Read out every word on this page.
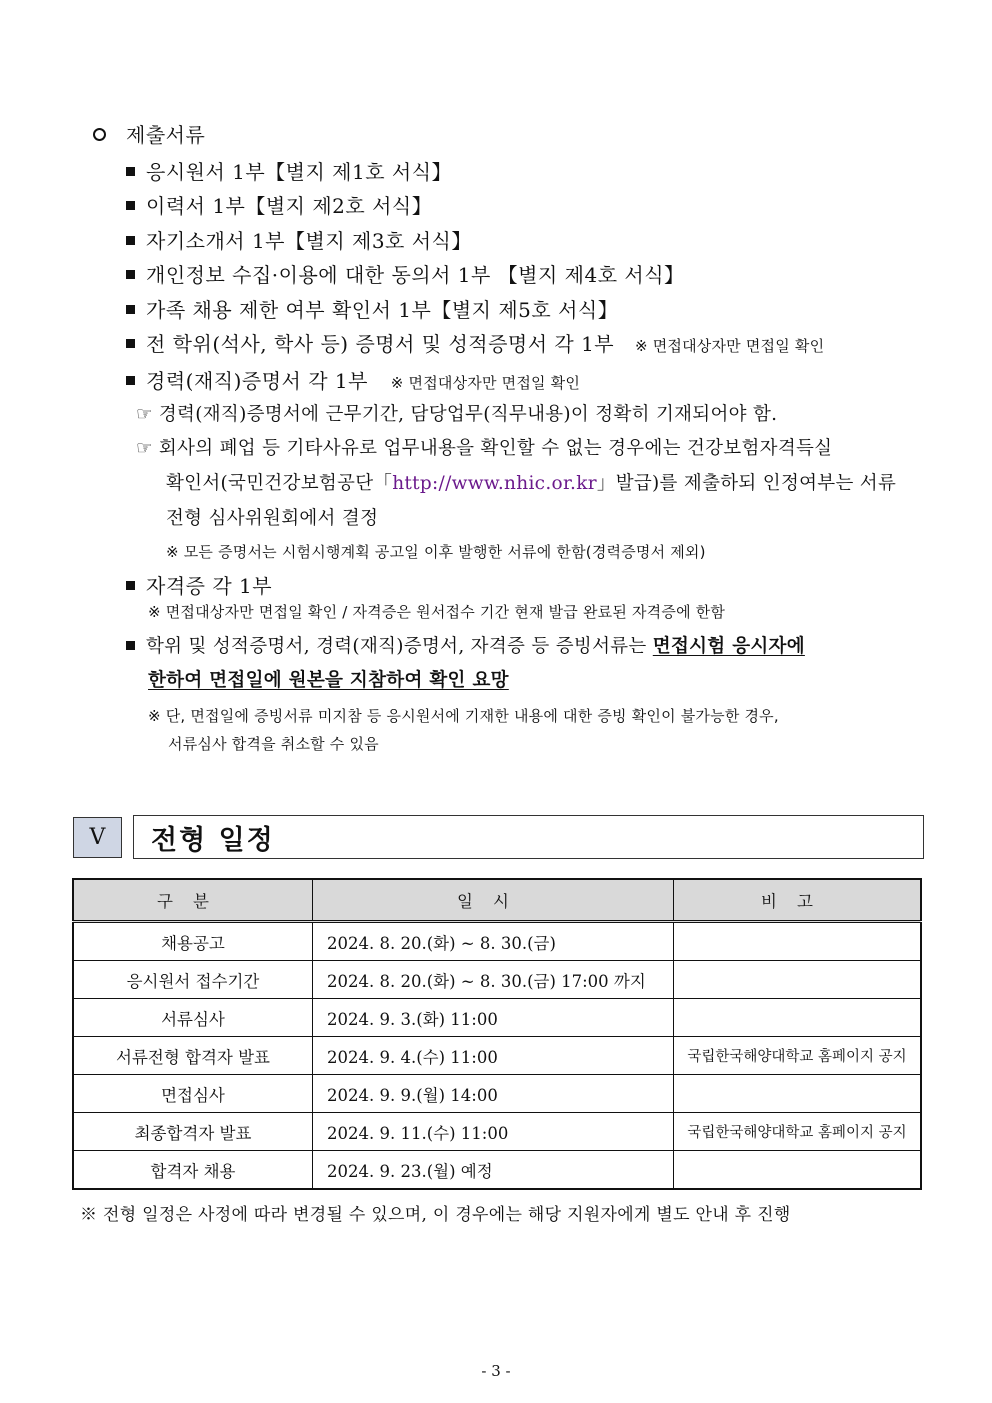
제출서류
응시원서 1부【별지 제1호 서식】
이력서 1부【별지 제2호 서식】
자기소개서 1부【별지 제3호 서식】
개인정보 수집·이용에 대한 동의서 1부 【별지 제4호 서식】
가족 채용 제한 여부 확인서 1부【별지 제5호 서식】
전 학위(석사, 학사 등) 증명서 및 성적증명서 각 1부 ※ 면접대상자만 면접일 확인
경력(재직)증명서 각 1부 ※ 면접대상자만 면접일 확인
☞ 경력(재직)증명서에 근무기간, 담당업무(직무내용)이 정확히 기재되어야 함.
☞ 회사의 폐업 등 기타사유로 업무내용을 확인할 수 없는 경우에는 건강보험자격득실
확인서(국민건강보험공단「http://www.nhic.or.kr」발급)를 제출하되 인정여부는 서류
전형 심사위원회에서 결정
※ 모든 증명서는 시험시행계획 공고일 이후 발행한 서류에 한함(경력증명서 제외)
자격증 각 1부
※ 면접대상자만 면접일 확인 / 자격증은 원서접수 기간 현재 발급 완료된 자격증에 한함
학위 및 성적증명서, 경력(재직)증명서, 자격증 등 증빙서류는 면접시험 응시자에
한하여 면접일에 원본을 지참하여 확인 요망
※ 단, 면접일에 증빙서류 미지참 등 응시원서에 기재한 내용에 대한 증빙 확인이 불가능한 경우,
서류심사 합격을 취소할 수 있음
V	전형 일정
구분	일시	비고
채용공고	2024. 8. 20.(화) ~ 8. 30.(금)	
응시원서 접수기간	2024. 8. 20.(화) ~ 8. 30.(금) 17:00 까지	
서류심사	2024. 9. 3.(화) 11:00	
서류전형 합격자 발표	2024. 9. 4.(수) 11:00	국립한국해양대학교 홈페이지 공지
면접심사	2024. 9. 9.(월) 14:00	
최종합격자 발표	2024. 9. 11.(수) 11:00	국립한국해양대학교 홈페이지 공지
합격자 채용	2024. 9. 23.(월) 예정	
※ 전형 일정은 사정에 따라 변경될 수 있으며, 이 경우에는 해당 지원자에게 별도 안내 후 진행
- 3 -
